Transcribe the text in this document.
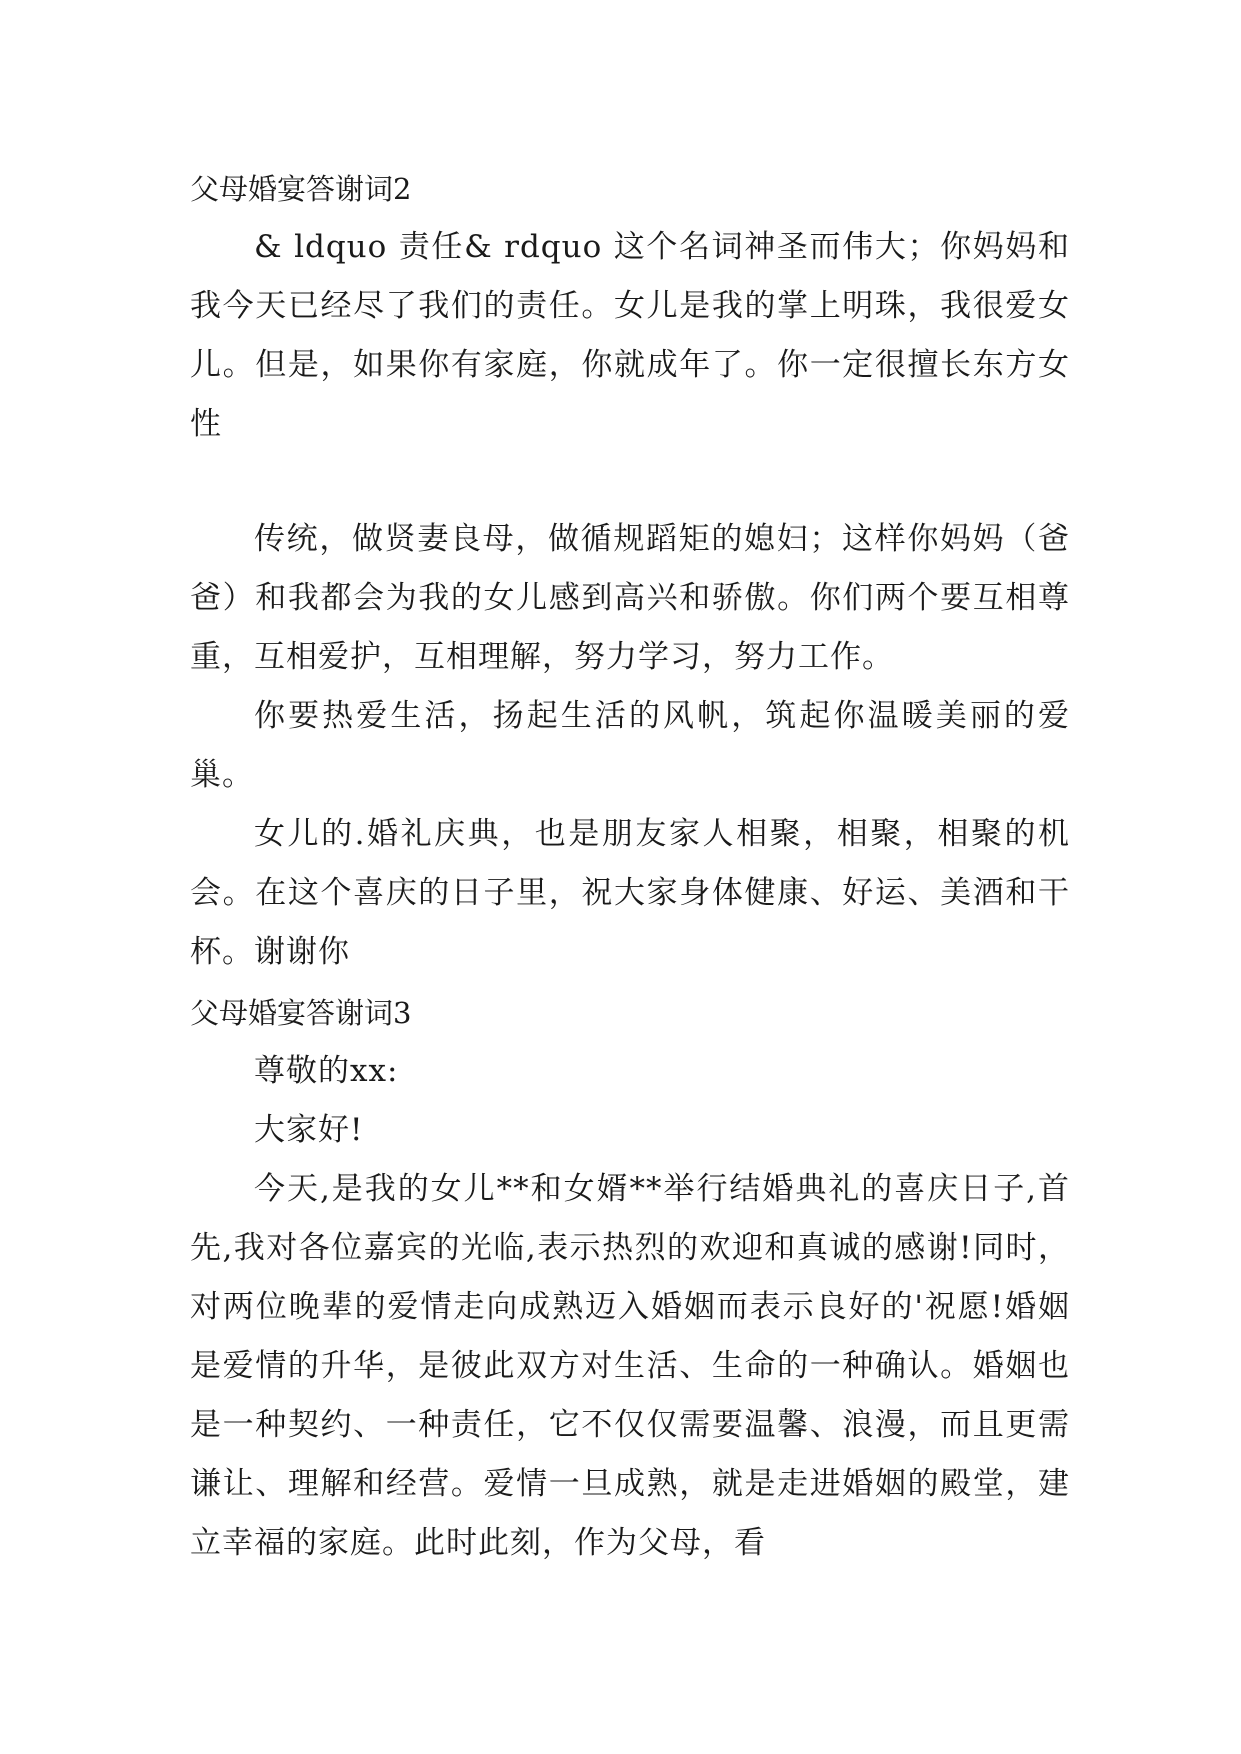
父母婚宴答谢词2

& ldquo 责任& rdquo 这个名词神圣而伟大；你妈妈和我今天已经尽了我们的责任。女儿是我的掌上明珠，我很爱女儿。但是，如果你有家庭，你就成年了。你一定很擅长东方女性

传统，做贤妻良母，做循规蹈矩的媳妇；这样你妈妈（爸爸）和我都会为我的女儿感到高兴和骄傲。你们两个要互相尊重，互相爱护，互相理解，努力学习，努力工作。

你要热爱生活，扬起生活的风帆，筑起你温暖美丽的爱巢。

女儿的.婚礼庆典，也是朋友家人相聚，相聚，相聚的机会。在这个喜庆的日子里，祝大家身体健康、好运、美酒和干杯。谢谢你

父母婚宴答谢词3

尊敬的xx:

大家好!

今天,是我的女儿**和女婿**举行结婚典礼的喜庆日子,首先,我对各位嘉宾的光临,表示热烈的欢迎和真诚的感谢!同时，对两位晚辈的爱情走向成熟迈入婚姻而表示良好的'祝愿!婚姻是爱情的升华，是彼此双方对生活、生命的一种确认。婚姻也是一种契约、一种责任，它不仅仅需要温馨、浪漫，而且更需谦让、理解和经营。爱情一旦成熟，就是走进婚姻的殿堂，建立幸福的家庭。此时此刻，作为父母，看
